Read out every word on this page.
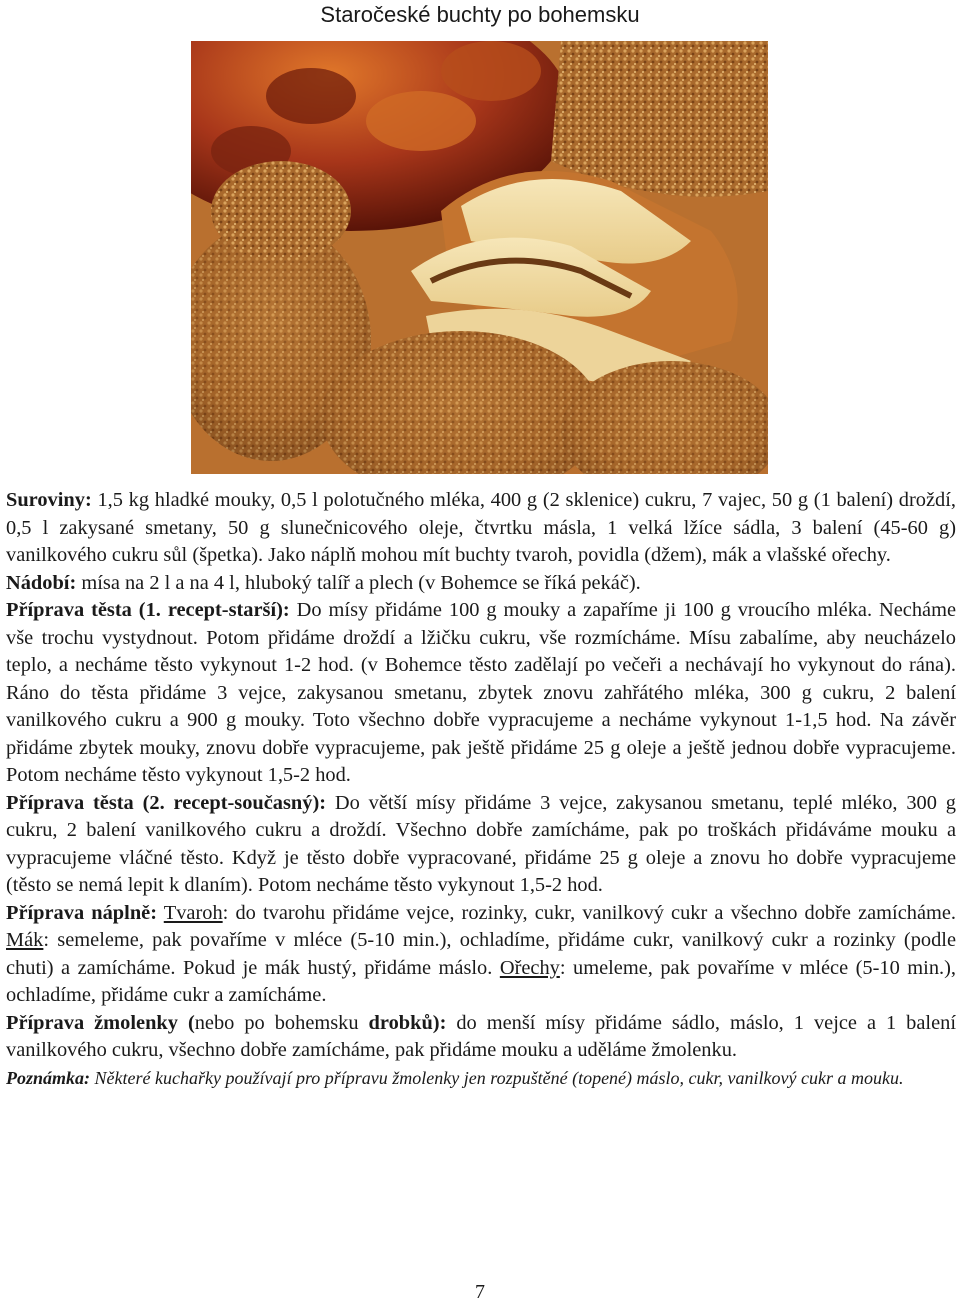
Staročeské buchty po bohemsku

Suroviny: 1,5 kg hladké mouky, 0,5 l polotučného mléka, 400 g (2 sklenice) cukru, 7 vajec, 50 g (1 balení) droždí, 0,5 l zakysané smetany, 50 g slunečnicového oleje, čtvrtku másla, 1 velká lžíce sádla, 3 balení (45-60 g) vanilkového cukru sůl (špetka). Jako náplň mohou mít buchty tvaroh, povidla (džem), mák a vlašské ořechy.

Nádobí: mísa na 2 l a na 4 l, hluboký talíř a plech (v Bohemce se říká pekáč).

Příprava těsta (1. recept-starší): Do mísy přidáme 100 g mouky a zapaříme ji 100 g vroucího mléka. Necháme vše trochu vystydnout. Potom přidáme droždí a lžičku cukru, vše rozmícháme. Mísu zabalíme, aby neucházelo teplo, a necháme těsto vykynout 1-2 hod. (v Bohemce těsto zadělají po večeři a nechávají ho vykynout do rána). Ráno do těsta přidáme 3 vejce, zakysanou smetanu, zbytek znovu zahřátého mléka, 300 g cukru, 2 balení vanilkového cukru a 900 g mouky. Toto všechno dobře vypracujeme a necháme vykynout 1-1,5 hod. Na závěr přidáme zbytek mouky, znovu dobře vypracujeme, pak ještě přidáme 25 g oleje a ještě jednou dobře vypracujeme. Potom necháme těsto vykynout 1,5-2 hod.

Příprava těsta (2. recept-současný): Do větší mísy přidáme 3 vejce, zakysanou smetanu, teplé mléko, 300 g cukru, 2 balení vanilkového cukru a droždí. Všechno dobře zamícháme, pak po troškách přidáváme mouku a vypracujeme vláčné těsto. Když je těsto dobře vypracované, přidáme 25 g oleje a znovu ho dobře vypracujeme (těsto se nemá lepit k dlaním). Potom necháme těsto vykynout 1,5-2 hod.

Příprava náplně: Tvaroh: do tvarohu přidáme vejce, rozinky, cukr, vanilkový cukr a všechno dobře zamícháme. Mák: semeleme, pak povaříme v mléce (5-10 min.), ochladíme, přidáme cukr, vanilkový cukr a rozinky (podle chuti) a zamícháme. Pokud je mák hustý, přidáme máslo. Ořechy: umeleme, pak povaříme v mléce (5-10 min.), ochladíme, přidáme cukr a zamícháme.

Příprava žmolenky (nebo po bohemsku drobků): do menší mísy přidáme sádlo, máslo, 1 vejce a 1 balení vanilkového cukru, všechno dobře zamícháme, pak přidáme mouku a uděláme žmolenku.

Poznámka: Některé kuchařky používají pro přípravu žmolenky jen rozpuštěné (topené) máslo, cukr, vanilkový cukr a mouku.

7
